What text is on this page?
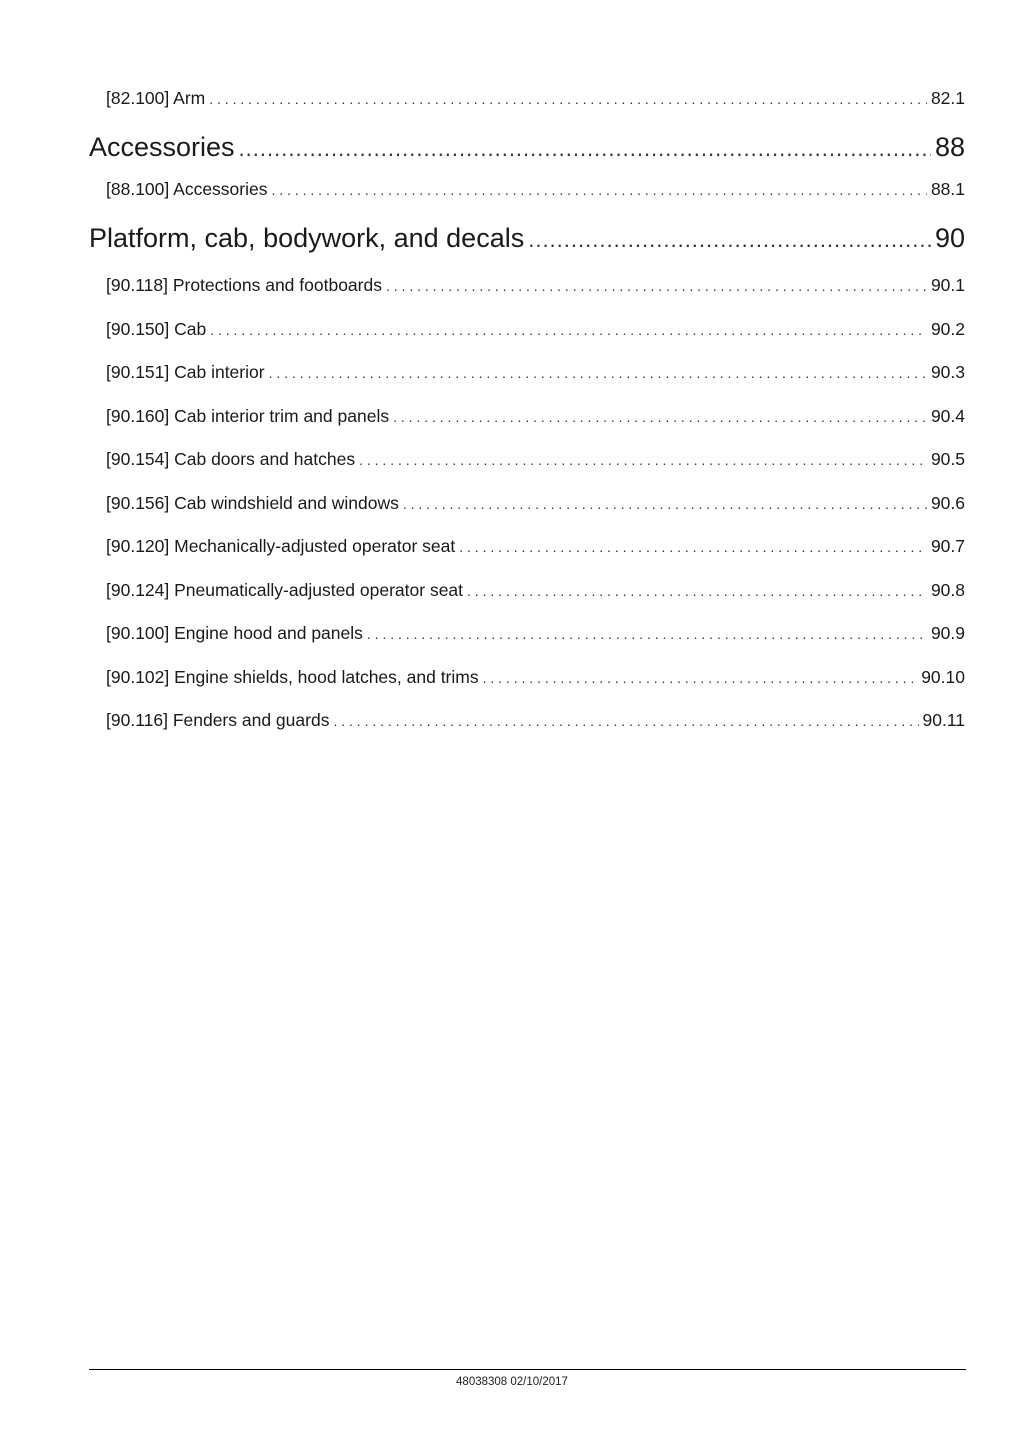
[82.100] Arm . . .	82.1
Accessories .....	88
[88.100] Accessories . . .	88.1
Platform, cab, bodywork, and decals .....	90
[90.118] Protections and footboards . . .	90.1
[90.150] Cab . . .	90.2
[90.151] Cab interior . . .	90.3
[90.160] Cab interior trim and panels . . .	90.4
[90.154] Cab doors and hatches . . .	90.5
[90.156] Cab windshield and windows . . .	90.6
[90.120] Mechanically-adjusted operator seat . . .	90.7
[90.124] Pneumatically-adjusted operator seat . . .	90.8
[90.100] Engine hood and panels . . .	90.9
[90.102] Engine shields, hood latches, and trims . . .	90.10
[90.116] Fenders and guards . . .	90.11
48038308 02/10/2017
